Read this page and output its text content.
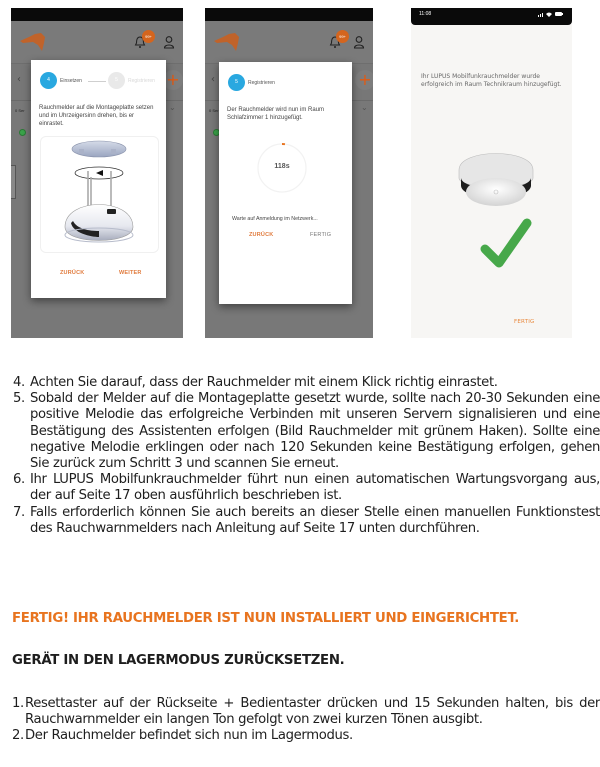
99+
‹	+
0 Ser	⌄
4	Einsetzen	5	Registrieren
Rauchmelder auf die Montageplatte setzen und im Uhrzeigersinn drehen, bis er einrastet.
ZURÜCK	WEITER
99+
‹	+
0 Ser	⌄
5	Registrieren
Der Rauchmelder wird nun im Raum Schlafzimmer 1 hinzugefügt.
118s
Warte auf Anmeldung im Netzwerk...
ZURÜCK	FERTIG
11:08
Ihr LUPUS Mobilfunkrauchmelder wurde erfolgreich im Raum Technikraum hinzugefügt.
FERTIG
4. Achten Sie darauf, dass der Rauchmelder mit einem Klick richtig einrastet.
5. Sobald der Melder auf die Montageplatte gesetzt wurde, sollte nach 20-30 Sekunden eine positive Melodie das erfolgreiche Verbinden mit unseren Servern signalisieren und eine Bestätigung des Assistenten erfolgen (Bild Rauchmelder mit grünem Haken). Sollte eine negative Melodie erklingen oder nach 120 Sekunden keine Bestätigung erfolgen, gehen Sie zurück zum Schritt 3 und scannen Sie erneut.
6. Ihr LUPUS Mobilfunkrauchmelder führt nun einen automatischen Wartungsvorgang aus, der auf Seite 17 oben ausführlich beschrieben ist.
7. Falls erforderlich können Sie auch bereits an dieser Stelle einen manuellen Funktionstest des Rauchwarnmelders nach Anleitung auf Seite 17 unten durchführen.
FERTIG! IHR RAUCHMELDER IST NUN INSTALLIERT UND EINGERICHTET.
GERÄT IN DEN LAGERMODUS ZURÜCKSETZEN.
1. Resettaster auf der Rückseite + Bedientaster drücken und 15 Sekunden halten, bis der Rauchwarnmelder ein langen Ton gefolgt von zwei kurzen Tönen ausgibt.
2. Der Rauchmelder befindet sich nun im Lagermodus.
